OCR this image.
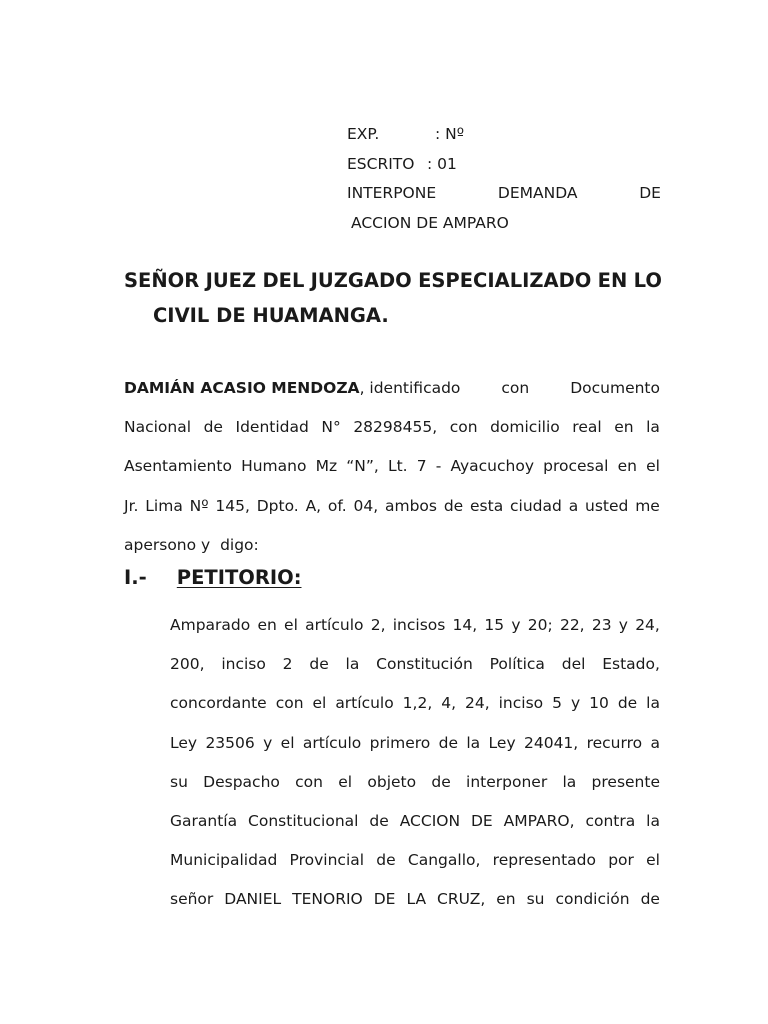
EXP.	: Nº
ESCRITO : 01
INTERPONE	DEMANDA	DE
ACCION DE AMPARO
SEÑOR JUEZ DEL JUZGADO ESPECIALIZADO EN LO
CIVIL DE HUAMANGA.
DAMIÁN ACASIO MENDOZA, identificado	con	Documento
Nacional de Identidad N° 28298455, con domicilio real en la
Asentamiento Humano Mz “N”, Lt. 7 - Ayacuchoy procesal en el
Jr. Lima Nº 145, Dpto. A, of. 04, ambos de esta ciudad a usted me
apersono y  digo:
I.- PETITORIO:
Amparado en el artículo 2, incisos 14, 15 y 20; 22, 23 y 24,
200, inciso 2 de la Constitución Política del Estado,
concordante con el artículo 1,2, 4, 24, inciso 5 y 10 de la
Ley 23506 y el artículo primero de la Ley 24041, recurro a
su Despacho con el objeto de interponer la presente
Garantía Constitucional de ACCION DE AMPARO, contra la
Municipalidad Provincial de Cangallo, representado por el
señor DANIEL TENORIO DE LA CRUZ, en su condición de
